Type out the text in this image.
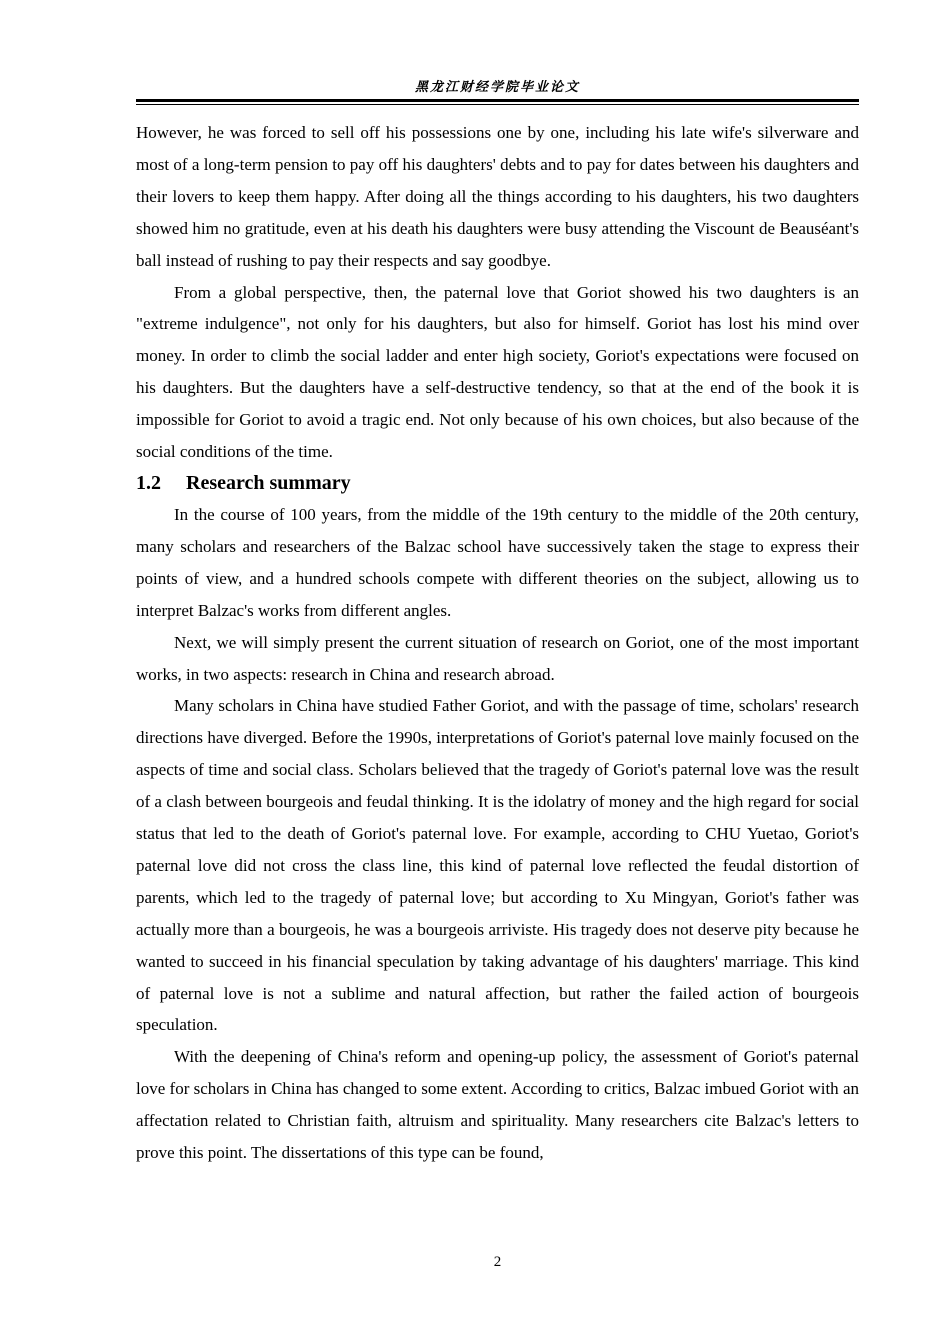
黑龙江财经学院毕业论文

However, he was forced to sell off his possessions one by one, including his late wife's silverware and most of a long-term pension to pay off his daughters' debts and to pay for dates between his daughters and their lovers to keep them happy. After doing all the things according to his daughters, his two daughters showed him no gratitude, even at his death his daughters were busy attending the Viscount de Beauséant's ball instead of rushing to pay their respects and say goodbye.

From a global perspective, then, the paternal love that Goriot showed his two daughters is an "extreme indulgence", not only for his daughters, but also for himself. Goriot has lost his mind over money. In order to climb the social ladder and enter high society, Goriot's expectations were focused on his daughters. But the daughters have a self-destructive tendency, so that at the end of the book it is impossible for Goriot to avoid a tragic end. Not only because of his own choices, but also because of the social conditions of the time.

1.2 Research summary

In the course of 100 years, from the middle of the 19th century to the middle of the 20th century, many scholars and researchers of the Balzac school have successively taken the stage to express their points of view, and a hundred schools compete with different theories on the subject, allowing us to interpret Balzac's works from different angles.

Next, we will simply present the current situation of research on Goriot, one of the most important works, in two aspects: research in China and research abroad.

Many scholars in China have studied Father Goriot, and with the passage of time, scholars' research directions have diverged. Before the 1990s, interpretations of Goriot's paternal love mainly focused on the aspects of time and social class. Scholars believed that the tragedy of Goriot's paternal love was the result of a clash between bourgeois and feudal thinking. It is the idolatry of money and the high regard for social status that led to the death of Goriot's paternal love. For example, according to CHU Yuetao, Goriot's paternal love did not cross the class line, this kind of paternal love reflected the feudal distortion of parents, which led to the tragedy of paternal love; but according to Xu Mingyan, Goriot's father was actually more than a bourgeois, he was a bourgeois arriviste. His tragedy does not deserve pity because he wanted to succeed in his financial speculation by taking advantage of his daughters' marriage. This kind of paternal love is not a sublime and natural affection, but rather the failed action of bourgeois speculation.

With the deepening of China's reform and opening-up policy, the assessment of Goriot's paternal love for scholars in China has changed to some extent. According to critics, Balzac imbued Goriot with an affectation related to Christian faith, altruism and spirituality. Many researchers cite Balzac's letters to prove this point. The dissertations of this type can be found,

2
